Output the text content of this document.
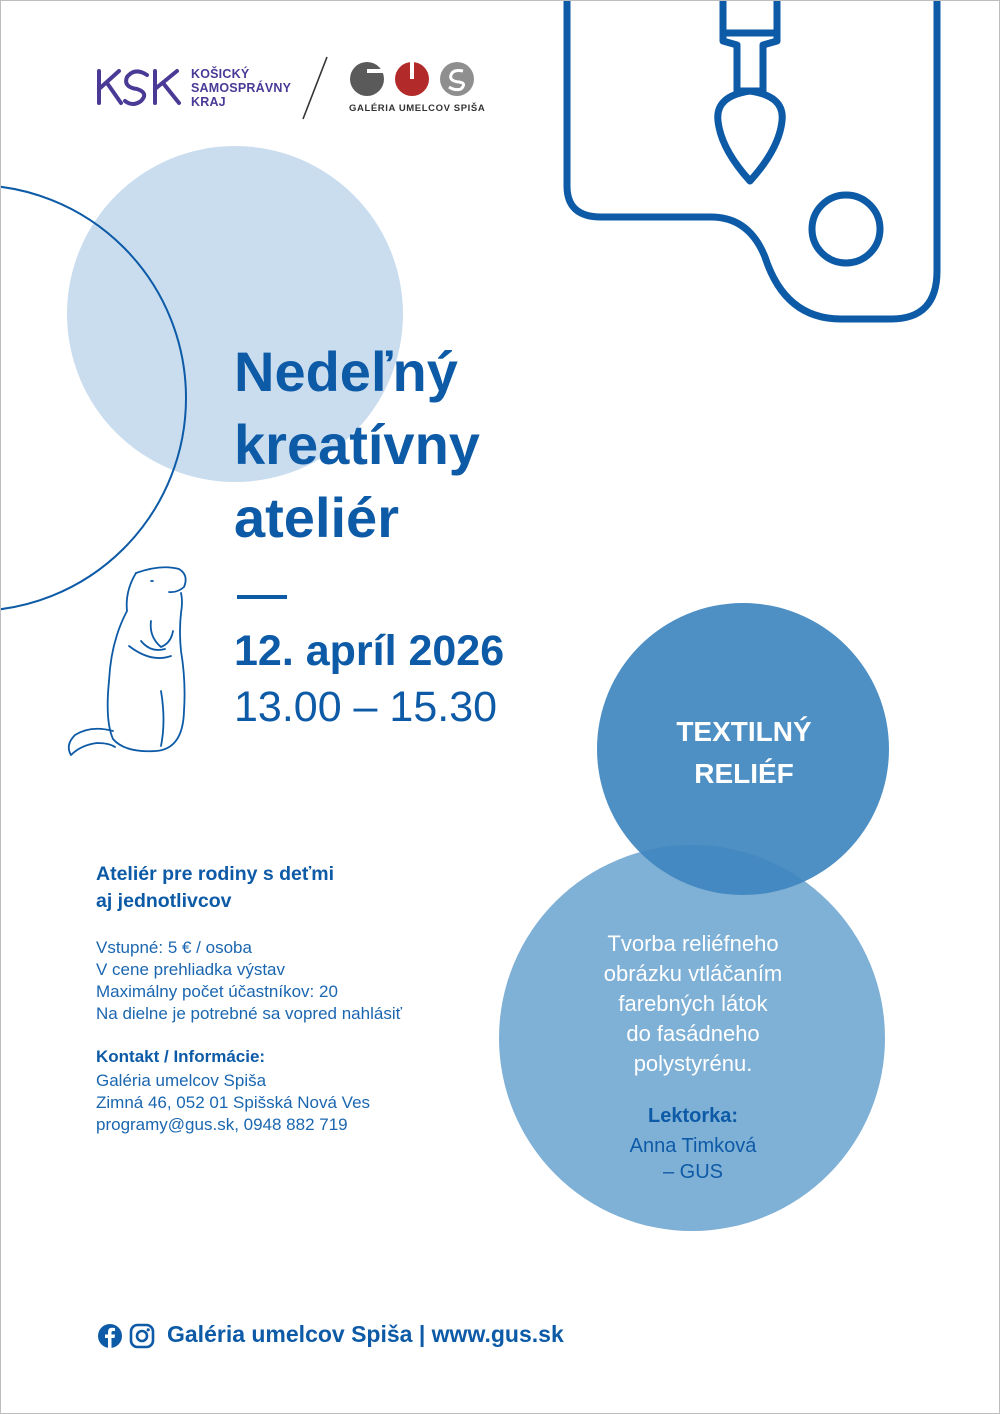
KOŠICKÝ
SAMOSPRÁVNY
KRAJ	GALÉRIA UMELCOV SPIŠA
Nedeľný
kreatívny
ateliér
12. apríl 2026
13.00 – 15.30
TEXTILNÝ
RELIÉF
Tvorba reliéfneho
obrázku vtláčaním
farebných látok
do fasádneho
polystyrénu.
Lektorka:
Anna Timková
– GUS
Ateliér pre rodiny s deťmi
aj jednotlivcov
Vstupné: 5 € / osoba
V cene prehliadka výstav
Maximálny počet účastníkov: 20
Na dielne je potrebné sa vopred nahlásiť
Kontakt / Informácie:
Galéria umelcov Spiša
Zimná 46, 052 01 Spišská Nová Ves
programy@gus.sk, 0948 882 719
Galéria umelcov Spiša | www.gus.sk
